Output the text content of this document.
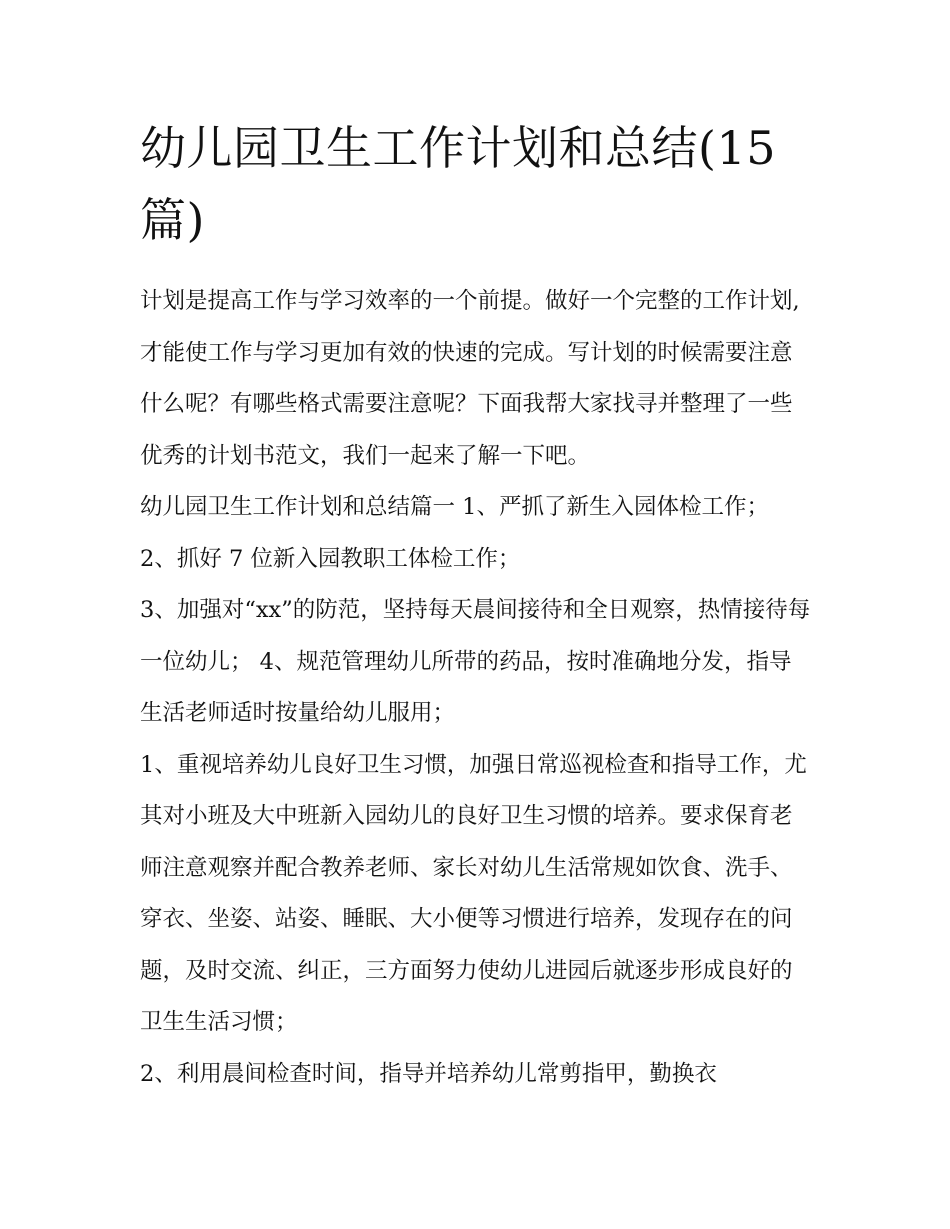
幼儿园卫生工作计划和总结(15篇)

计划是提高工作与学习效率的一个前提。做好一个完整的工作计划,才能使工作与学习更加有效的快速的完成。写计划的时候需要注意什么呢？有哪些格式需要注意呢？下面我帮大家找寻并整理了一些优秀的计划书范文，我们一起来了解一下吧。

幼儿园卫生工作计划和总结篇一 1、严抓了新生入园体检工作； 2、抓好 7 位新入园教职工体检工作；

3、加强对“xx”的防范，坚持每天晨间接待和全日观察，热情接待每一位幼儿； 4、规范管理幼儿所带的药品，按时准确地分发，指导生活老师适时按量给幼儿服用；

1、重视培养幼儿良好卫生习惯，加强日常巡视检查和指导工作，尤其对小班及大中班新入园幼儿的良好卫生习惯的培养。要求保育老师注意观察并配合教养老师、家长对幼儿生活常规如饮食、洗手、穿衣、坐姿、站姿、睡眠、大小便等习惯进行培养，发现存在的问题，及时交流、纠正，三方面努力使幼儿进园后就逐步形成良好的卫生生活习惯；

2、利用晨间检查时间，指导并培养幼儿常剪指甲，勤换衣
